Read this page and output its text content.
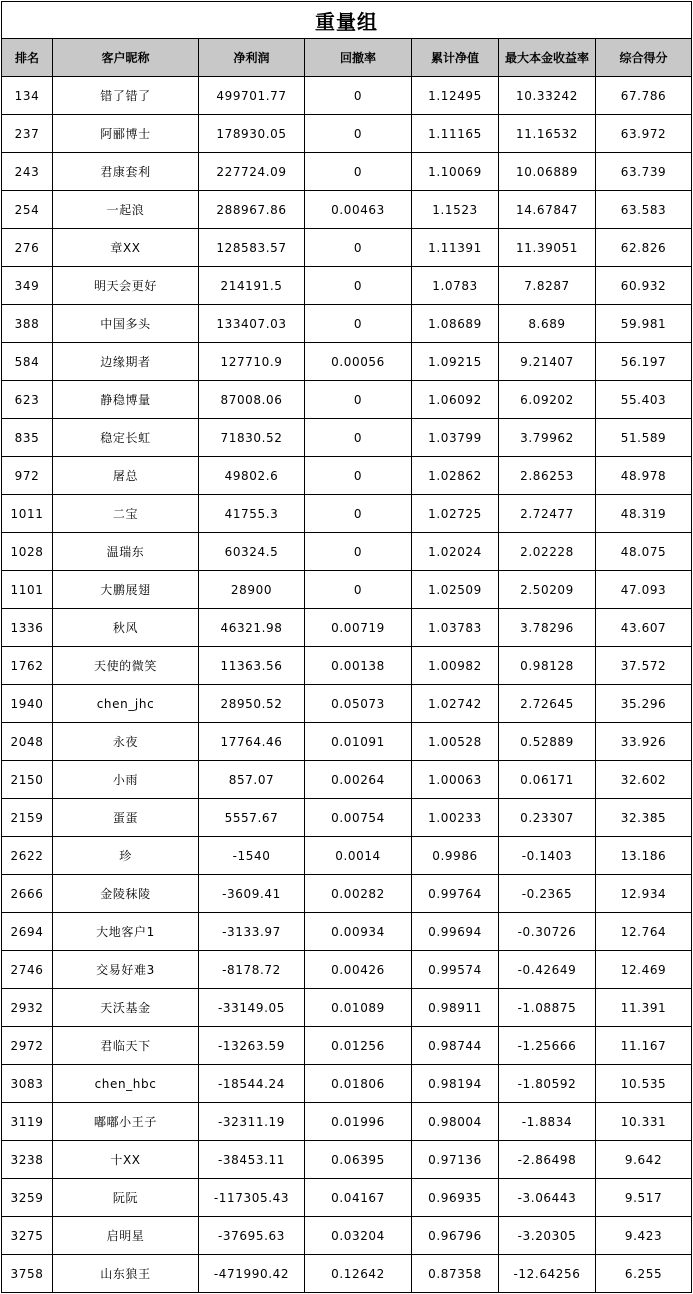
重量组						
排名	客户昵称	净利润	回撤率	累计净值	最大本金收益率	综合得分
134	错了错了	499701.77	0	1.12495	10.33242	67.786
237	阿郦博士	178930.05	0	1.11165	11.16532	63.972
243	君康套利	227724.09	0	1.10069	10.06889	63.739
254	一起浪	288967.86	0.00463	1.1523	14.67847	63.583
276	章XX	128583.57	0	1.11391	11.39051	62.826
349	明天会更好	214191.5	0	1.0783	7.8287	60.932
388	中国多头	133407.03	0	1.08689	8.689	59.981
584	边缘期者	127710.9	0.00056	1.09215	9.21407	56.197
623	静稳博量	87008.06	0	1.06092	6.09202	55.403
835	稳定长虹	71830.52	0	1.03799	3.79962	51.589
972	屠总	49802.6	0	1.02862	2.86253	48.978
1011	二宝	41755.3	0	1.02725	2.72477	48.319
1028	温瑞东	60324.5	0	1.02024	2.02228	48.075
1101	大鹏展翅	28900	0	1.02509	2.50209	47.093
1336	秋风	46321.98	0.00719	1.03783	3.78296	43.607
1762	天使的微笑	11363.56	0.00138	1.00982	0.98128	37.572
1940	chen_jhc	28950.52	0.05073	1.02742	2.72645	35.296
2048	永夜	17764.46	0.01091	1.00528	0.52889	33.926
2150	小雨	857.07	0.00264	1.00063	0.06171	32.602
2159	蛋蛋	5557.67	0.00754	1.00233	0.23307	32.385
2622	珍	-1540	0.0014	0.9986	-0.1403	13.186
2666	金陵秣陵	-3609.41	0.00282	0.99764	-0.2365	12.934
2694	大地客户1	-3133.97	0.00934	0.99694	-0.30726	12.764
2746	交易好难3	-8178.72	0.00426	0.99574	-0.42649	12.469
2932	天沃基金	-33149.05	0.01089	0.98911	-1.08875	11.391
2972	君临天下	-13263.59	0.01256	0.98744	-1.25666	11.167
3083	chen_hbc	-18544.24	0.01806	0.98194	-1.80592	10.535
3119	嘟嘟小王子	-32311.19	0.01996	0.98004	-1.8834	10.331
3238	十XX	-38453.11	0.06395	0.97136	-2.86498	9.642
3259	阮阮	-117305.43	0.04167	0.96935	-3.06443	9.517
3275	启明星	-37695.63	0.03204	0.96796	-3.20305	9.423
3758	山东狼王	-471990.42	0.12642	0.87358	-12.64256	6.255
